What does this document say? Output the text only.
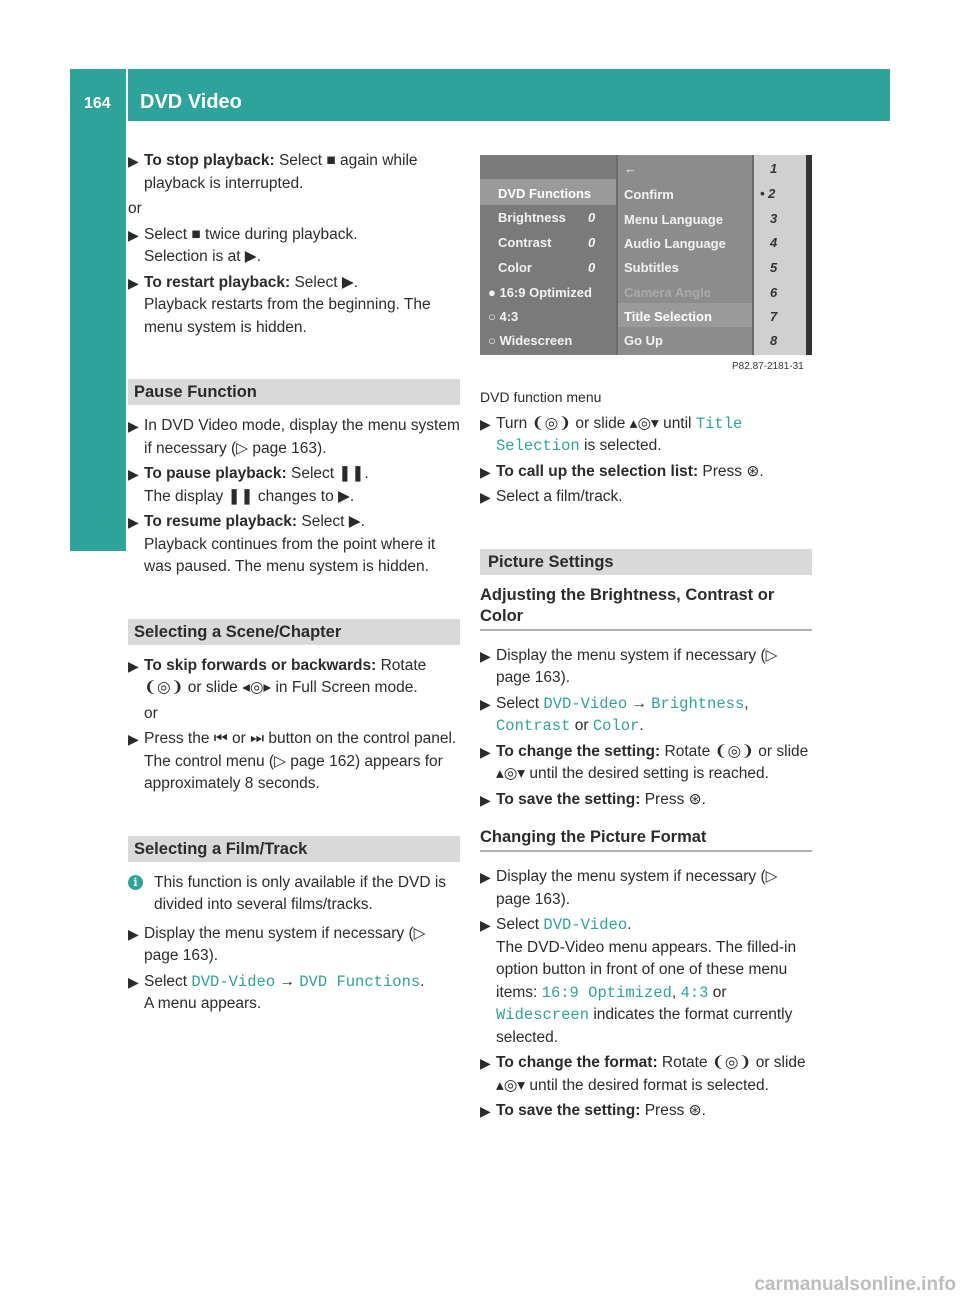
164 DVD Video
Video
▶ To stop playback: Select ■ again while playback is interrupted.
or
▶ Select ■ twice during playback.
Selection is at ▶.
▶ To restart playback: Select ▶.
Playback restarts from the beginning. The menu system is hidden.
Pause Function
▶ In DVD Video mode, display the menu system if necessary (▷ page 163).
▶ To pause playback: Select ❚❚.
The display ❚❚ changes to ▶.
▶ To resume playback: Select ▶.
Playback continues from the point where it was paused. The menu system is hidden.
Selecting a Scene/Chapter
▶ To skip forwards or backwards: Rotate ❨◎❩ or slide ◂◎▸ in Full Screen mode.
or
▶ Press the ⏮ or ⏭ button on the control panel.
The control menu (▷ page 162) appears for approximately 8 seconds.
Selecting a Film/Track
i	This function is only available if the DVD is divided into several films/tracks.
▶ Display the menu system if necessary (▷ page 163).
▶ Select DVD-Video → DVD Functions.
A menu appears.
DVD Functions
Brightness 0
Contrast	0
Color	0
● 16:9 Optimized
○ 4:3
○ Widescreen
←
Confirm
Menu Language
Audio Language
Subtitles
Camera Angle
Title Selection
Go Up
1
• 2
3
4
5
6
7
8
P82.87-2181-31
DVD function menu
▶ Turn ❨◎❩ or slide ▴◎▾ until Title
Selection is selected.
▶ To call up the selection list: Press ⊛.
▶ Select a film/track.
Picture Settings
Adjusting the Brightness, Contrast or Color
▶ Display the menu system if necessary (▷ page 163).
▶ Select DVD-Video → Brightness,
Contrast or Color.
▶ To change the setting: Rotate ❨◎❩ or slide ▴◎▾ until the desired setting is reached.
▶ To save the setting: Press ⊛.
Changing the Picture Format
▶ Display the menu system if necessary (▷ page 163).
▶ Select DVD-Video.
The DVD-Video menu appears. The filled-in option button in front of one of these menu items: 16:9 Optimized, 4:3 or Widescreen indicates the format currently selected.
▶ To change the format: Rotate ❨◎❩ or slide ▴◎▾ until the desired format is selected.
▶ To save the setting: Press ⊛.
carmanualsonline.info
